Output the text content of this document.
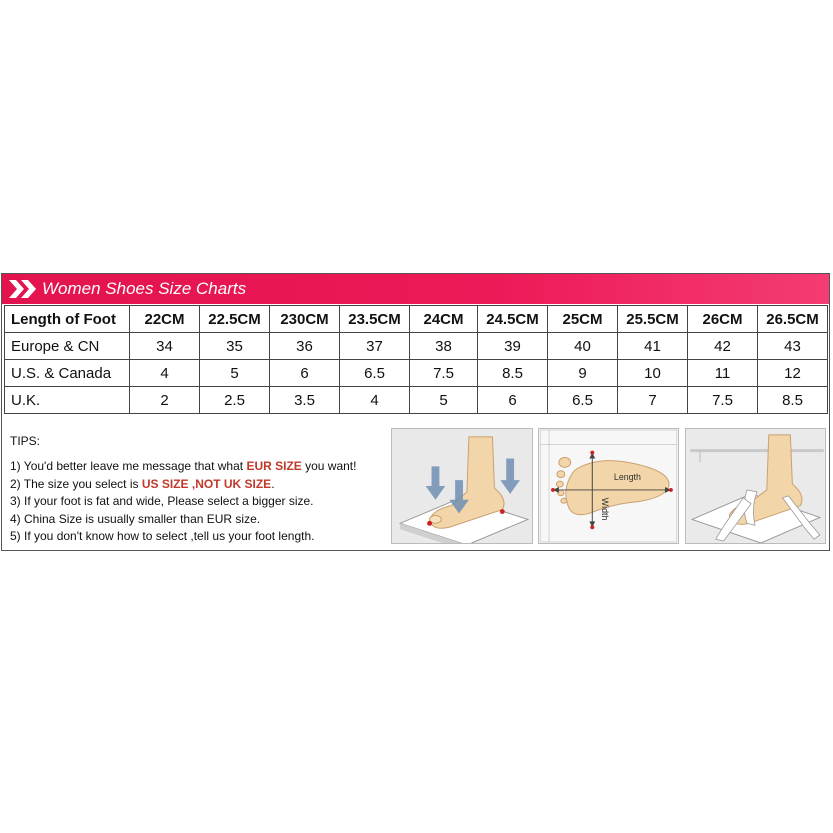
Women Shoes Size Charts
Length of Foot	22CM	22.5CM	230CM	23.5CM	24CM	24.5CM	25CM	25.5CM	26CM	26.5CM
Europe & CN	34	35	36	37	38	39	40	41	42	43
U.S. & Canada	4	5	6	6.5	7.5	8.5	9	10	11	12
U.K.	2	2.5	3.5	4	5	6	6.5	7	7.5	8.5
TIPS:
1) You'd better leave me message that what EUR SIZE you want!
2) The size you select is US SIZE ,NOT UK SIZE.
3) If your foot is fat and wide, Please select a bigger size.
4) China Size is usually smaller than EUR size.
5) If you don't know how to select ,tell us your foot length.
Length
Width
